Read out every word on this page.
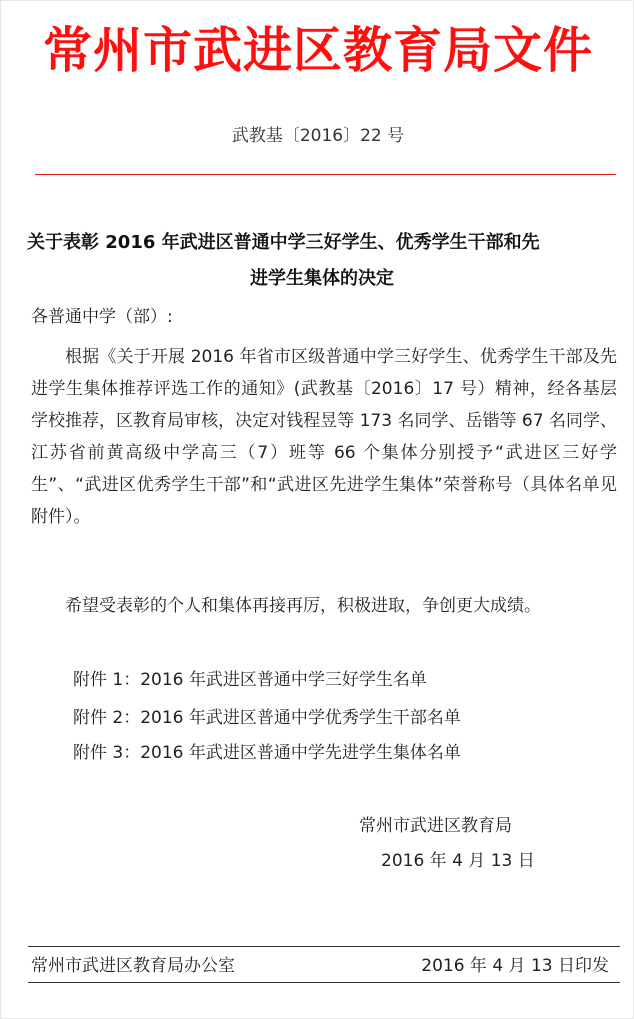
常州市武进区教育局文件
武教基〔2016〕22 号
关于表彰 2016 年武进区普通中学三好学生、优秀学生干部和先
进学生集体的决定
各普通中学（部）:
根据《关于开展 2016 年省市区级普通中学三好学生、优秀学生干部及先进学生集体推荐评选工作的通知》(武教基〔2016〕17 号）精神，经各基层学校推荐，区教育局审核，决定对钱程昱等 173 名同学、岳锴等 67 名同学、江苏省前黄高级中学高三（7）班等 66 个集体分别授予“武进区三好学生”、“武进区优秀学生干部”和“武进区先进学生集体”荣誉称号（具体名单见附件）。
希望受表彰的个人和集体再接再厉，积极进取，争创更大成绩。
附件 1：2016 年武进区普通中学三好学生名单
附件 2：2016 年武进区普通中学优秀学生干部名单
附件 3：2016 年武进区普通中学先进学生集体名单
常州市武进区教育局
2016 年 4 月 13 日
常州市武进区教育局办公室	2016 年 4 月 13 日印发
